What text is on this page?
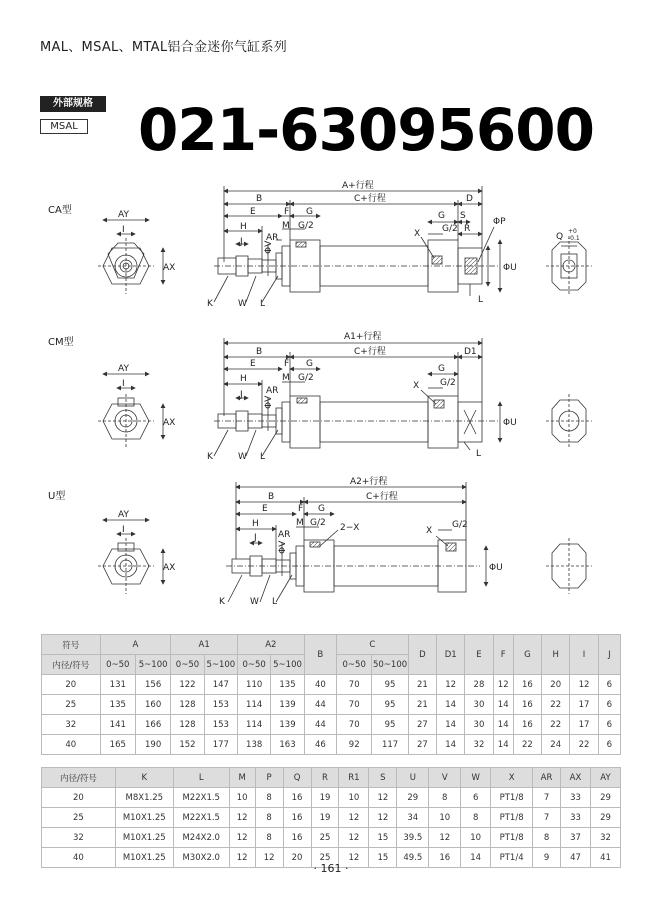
MAL、MSAL、MTAL铝合金迷你气缸系列
外部规格
MSAL 021-63095600
CA型
CM型
U型
A+行程
B	C+行程	D
E	F G	G S
H	M G/2	G/2 R
X
ΦP
J	AR
ΦU
ΦV
K	W L	L
AY
I
AX
Q
+0
-0.1
A1+行程
B	C+行程	D1
E	F G	G
H	M G/2	G/2
X
J	AR
ΦU
ΦV
K	W L	L
AY
I
AX
A2+行程
B	C+行程
E	F G
H	M G/2	G/2
2−X	X
J AR
ΦU
ΦV
K	W L
AY
I
AX
符号	A		A1		A2		B	C		D	D1	E	F	G	H	I	J
内径/符号	0~50	5~100	0~50	5~100	0~50	5~100		0~50	50~100								
20	131	156	122	147	110	135	40	70	95	21	12	28	12	16	20	12	6
25	135	160	128	153	114	139	44	70	95	21	14	30	14	16	22	17	6
32	141	166	128	153	114	139	44	70	95	27	14	30	14	16	22	17	6
40	165	190	152	177	138	163	46	92	117	27	14	32	14	22	24	22	6
内径/符号	K	L	M	P	Q	R	R1	S	U	V	W	X	AR	AX	AY
20	M8X1.25	M22X1.5	10	8	16	19	10	12	29	8	6	PT1/8	7	33	29
25	M10X1.25	M22X1.5	12	8	16	19	12	12	34	10	8	PT1/8	7	33	29
32	M10X1.25	M24X2.0	12	8	16	25	12	15	39.5	12	10	PT1/8	8	37	32
40	M10X1.25	M30X2.0	12	12	20	25	12	15	49.5	16	14	PT1/4	9	47	41
· 161 ·
